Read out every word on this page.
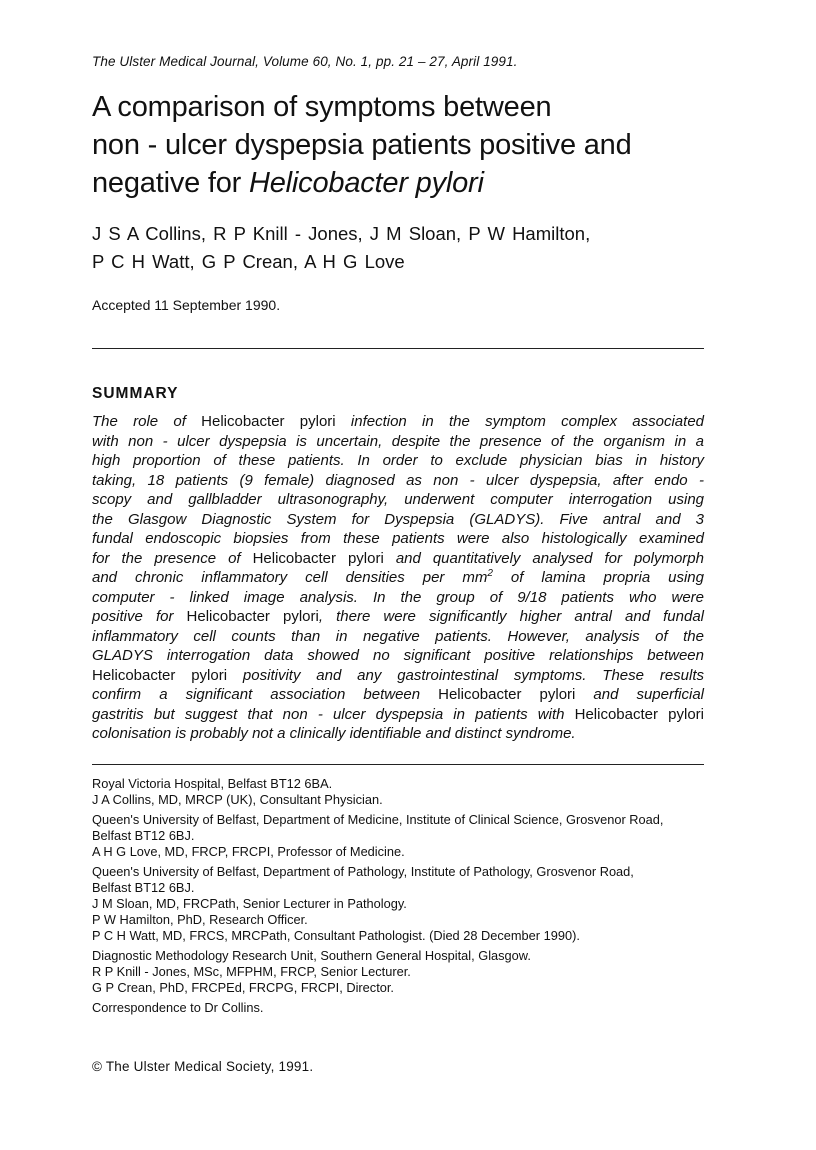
The Ulster Medical Journal, Volume 60, No. 1, pp. 21 – 27, April 1991.
A comparison of symptoms between
non - ulcer dyspepsia patients positive and
negative for Helicobacter pylori
J S A Collins, R P Knill - Jones, J M Sloan, P W Hamilton,
P C H Watt, G P Crean, A H G Love
Accepted 11 September 1990.
SUMMARY
The role of Helicobacter pylori infection in the symptom complex associated
with non - ulcer dyspepsia is uncertain, despite the presence of the organism in a
high proportion of these patients. In order to exclude physician bias in history
taking, 18 patients (9 female) diagnosed as non - ulcer dyspepsia, after endo -
scopy and gallbladder ultrasonography, underwent computer interrogation using
the Glasgow Diagnostic System for Dyspepsia (GLADYS). Five antral and 3
fundal endoscopic biopsies from these patients were also histologically examined
for the presence of Helicobacter pylori and quantitatively analysed for polymorph
and chronic inflammatory cell densities per $mm^2$ of lamina propria using
computer - linked image analysis. In the group of 9/18 patients who were
positive for Helicobacter pylori, there were significantly higher antral and fundal
inflammatory cell counts than in negative patients. However, analysis of the
GLADYS interrogation data showed no significant positive relationships between
Helicobacter pylori positivity and any gastrointestinal symptoms. These results
confirm a significant association between Helicobacter pylori and superficial
gastritis but suggest that non - ulcer dyspepsia in patients with Helicobacter pylori
colonisation is probably not a clinically identifiable and distinct syndrome.
Royal Victoria Hospital, Belfast BT12 6BA.
J A Collins, MD, MRCP (UK), Consultant Physician.
Queen's University of Belfast, Department of Medicine, Institute of Clinical Science, Grosvenor Road,
Belfast BT12 6BJ.
A H G Love, MD, FRCP, FRCPI, Professor of Medicine.
Queen's University of Belfast, Department of Pathology, Institute of Pathology, Grosvenor Road,
Belfast BT12 6BJ.
J M Sloan, MD, FRCPath, Senior Lecturer in Pathology.
P W Hamilton, PhD, Research Officer.
P C H Watt, MD, FRCS, MRCPath, Consultant Pathologist. (Died 28 December 1990).
Diagnostic Methodology Research Unit, Southern General Hospital, Glasgow.
R P Knill - Jones, MSc, MFPHM, FRCP, Senior Lecturer.
G P Crean, PhD, FRCPEd, FRCPG, FRCPI, Director.
Correspondence to Dr Collins.
© The Ulster Medical Society, 1991.
